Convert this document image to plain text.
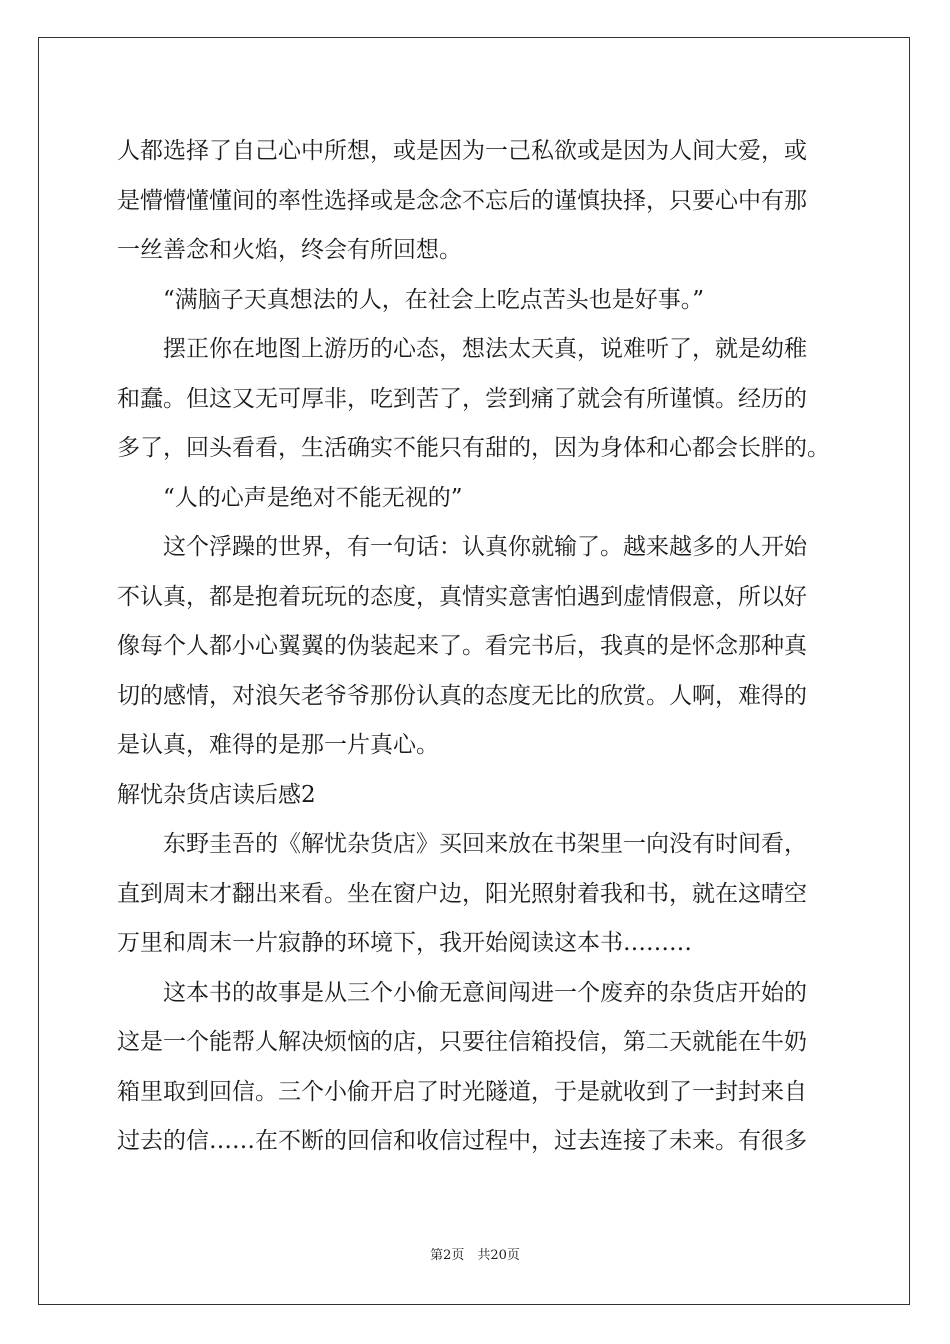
人都选择了自己心中所想，或是因为一己私欲或是因为人间大爱，或
是懵懵懂懂间的率性选择或是念念不忘后的谨慎抉择，只要心中有那
一丝善念和火焰，终会有所回想。
　　“满脑子天真想法的人，在社会上吃点苦头也是好事。”
　　摆正你在地图上游历的心态，想法太天真，说难听了，就是幼稚
和蠢。但这又无可厚非，吃到苦了，尝到痛了就会有所谨慎。经历的
多了，回头看看，生活确实不能只有甜的，因为身体和心都会长胖的。
　　“人的心声是绝对不能无视的”
　　这个浮躁的世界，有一句话：认真你就输了。越来越多的人开始
不认真，都是抱着玩玩的态度，真情实意害怕遇到虚情假意，所以好
像每个人都小心翼翼的伪装起来了。看完书后，我真的是怀念那种真
切的感情，对浪矢老爷爷那份认真的态度无比的欣赏。人啊，难得的
是认真，难得的是那一片真心。
解忧杂货店读后感2
　　东野圭吾的《解忧杂货店》买回来放在书架里一向没有时间看，
直到周末才翻出来看。坐在窗户边，阳光照射着我和书，就在这晴空
万里和周末一片寂静的环境下，我开始阅读这本书………
　　这本书的故事是从三个小偷无意间闯进一个废弃的杂货店开始的
这是一个能帮人解决烦恼的店，只要往信箱投信，第二天就能在牛奶
箱里取到回信。三个小偷开启了时光隧道，于是就收到了一封封来自
过去的信……在不断的回信和收信过程中，过去连接了未来。有很多
第2页　共20页
